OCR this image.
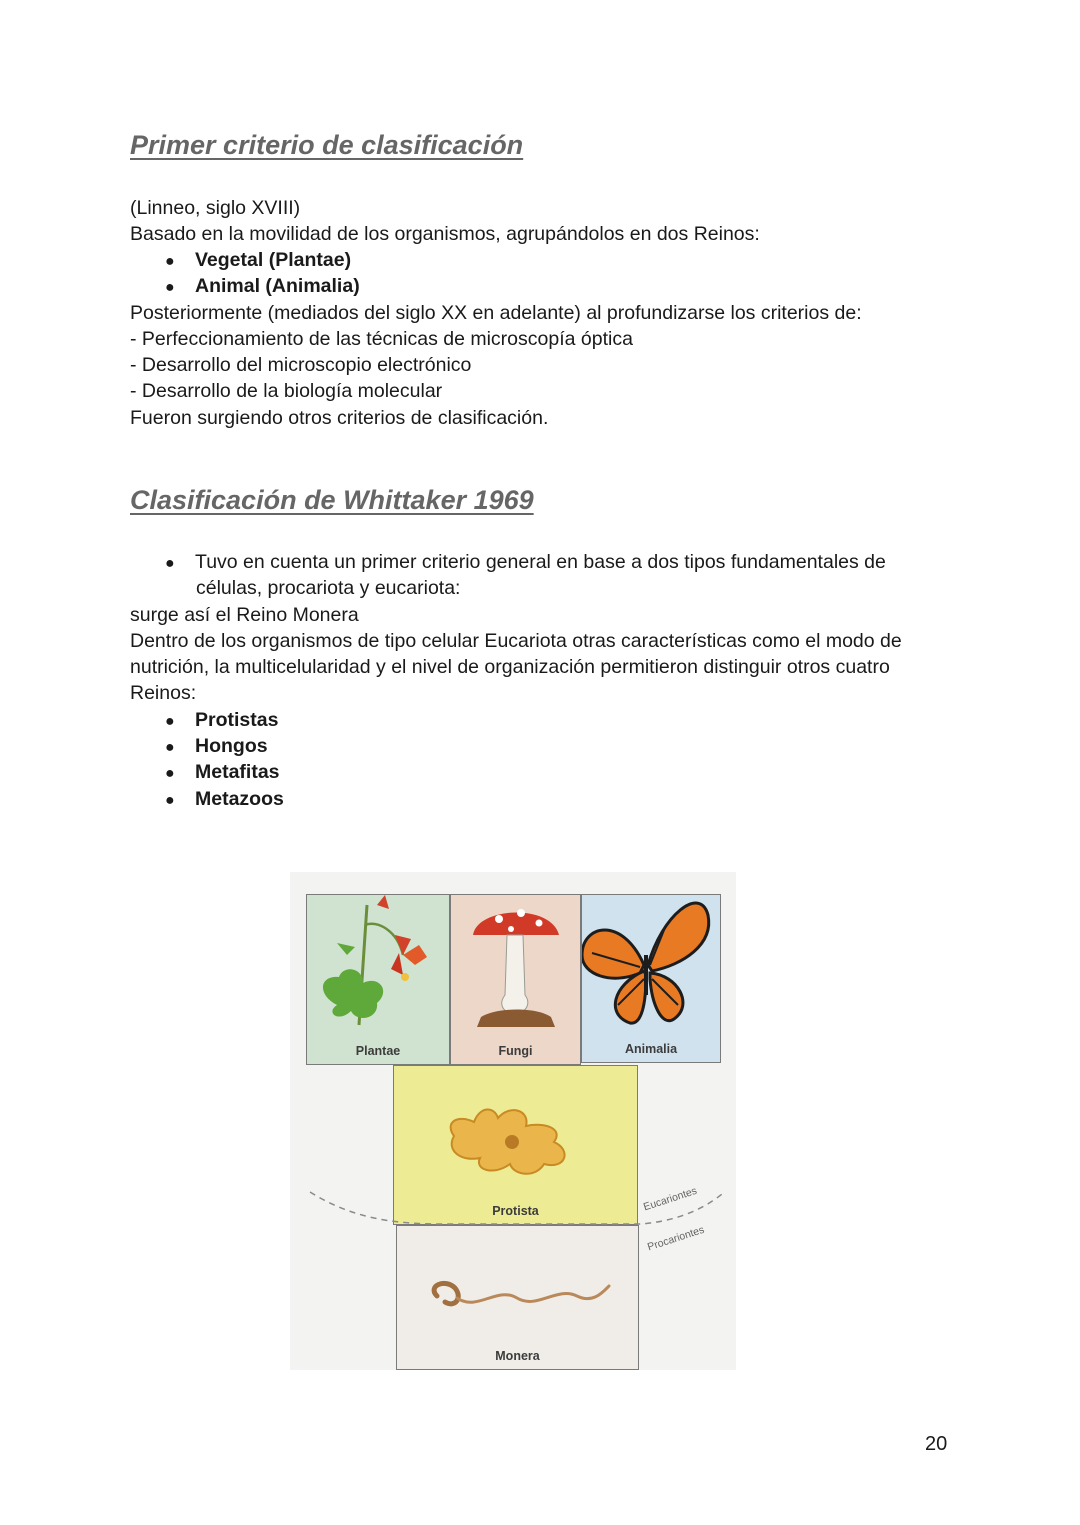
Primer criterio de clasificación

(Linneo, siglo XVIII)

Basado en la movilidad de los organismos, agrupándolos en dos Reinos:

● Vegetal (Plantae)

● Animal (Animalia)

Posteriormente (mediados del siglo XX en adelante) al profundizarse los criterios de:

- Perfeccionamiento de las técnicas de microscopía óptica

- Desarrollo del microscopio electrónico

- Desarrollo de la biología molecular

Fueron surgiendo otros criterios de clasificación.

Clasificación de Whittaker 1969

● Tuvo en cuenta un primer criterio general en base a dos tipos fundamentales de

células, procariota y eucariota:

surge así el Reino Monera

Dentro de los organismos de tipo celular Eucariota otras características como el modo de

nutrición, la multicelularidad y el nivel de organización permitieron distinguir otros cuatro

Reinos:

● Protistas

● Hongos

● Metafitas

● Metazoos

Plantae	Fungi	Animalia
Protista
Monera
Eucariontes
Procariontes
20
